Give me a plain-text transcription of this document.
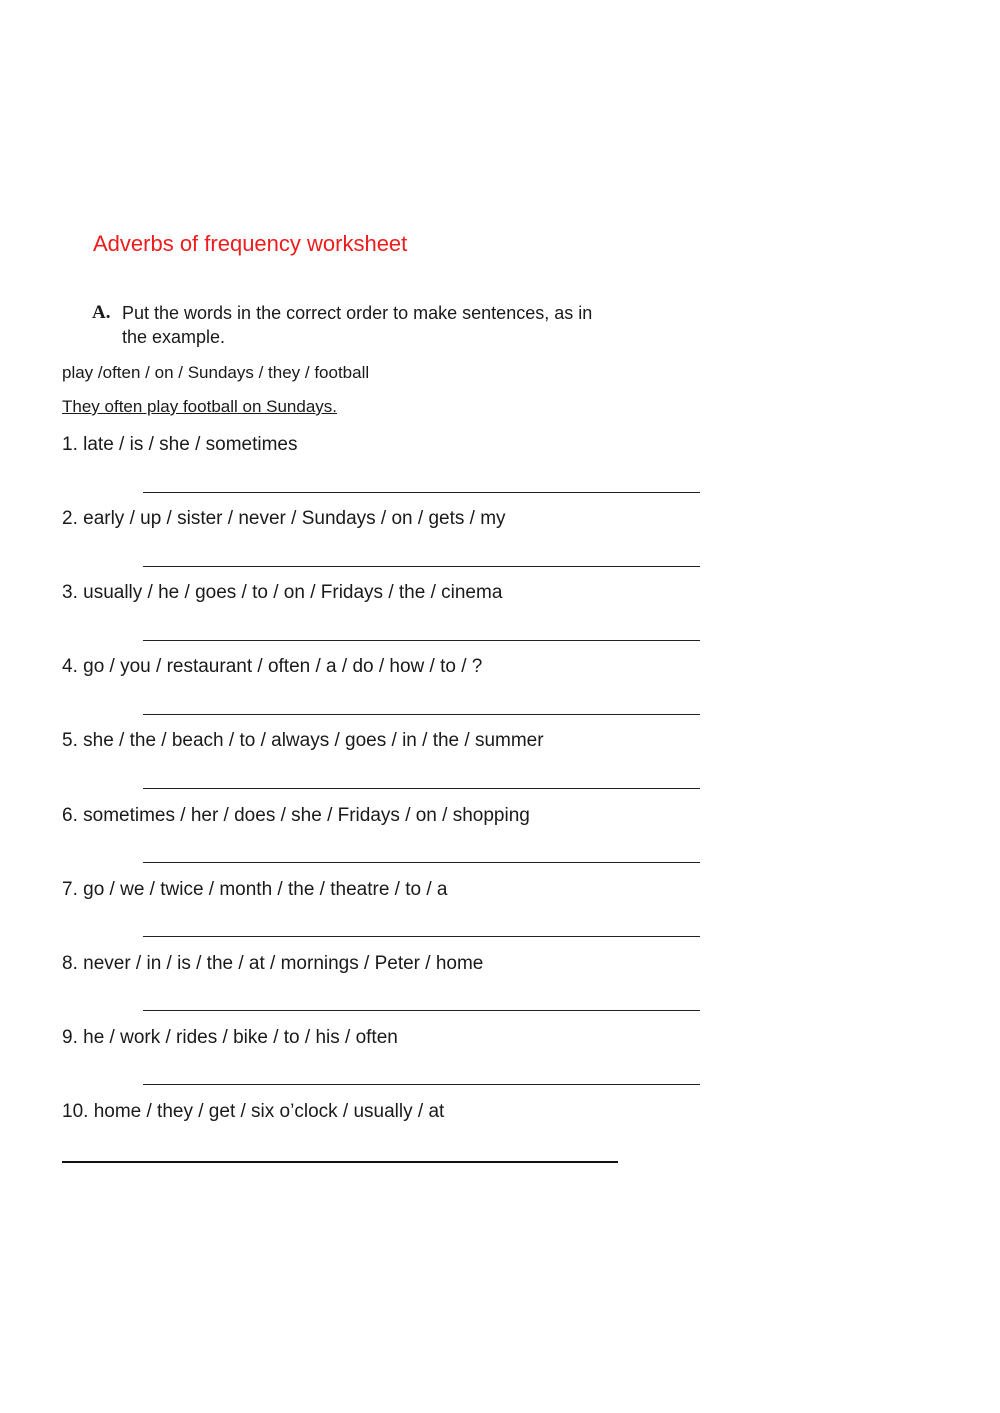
Adverbs of frequency worksheet
A. Put the words in the correct order to make sentences, as in the example.
play /often / on / Sundays / they / football
They often play football on Sundays.
1. late / is / she / sometimes
2. early / up / sister / never / Sundays / on / gets / my
3. usually / he / goes / to / on / Fridays / the / cinema
4. go / you / restaurant / often / a / do / how / to / ?
5. she / the / beach / to / always / goes / in / the / summer
6. sometimes / her / does / she / Fridays / on / shopping
7. go / we / twice / month / the / theatre / to / a
8. never / in / is / the / at / mornings / Peter / home
9. he / work / rides / bike / to / his / often
10. home / they / get / six o’clock / usually / at
